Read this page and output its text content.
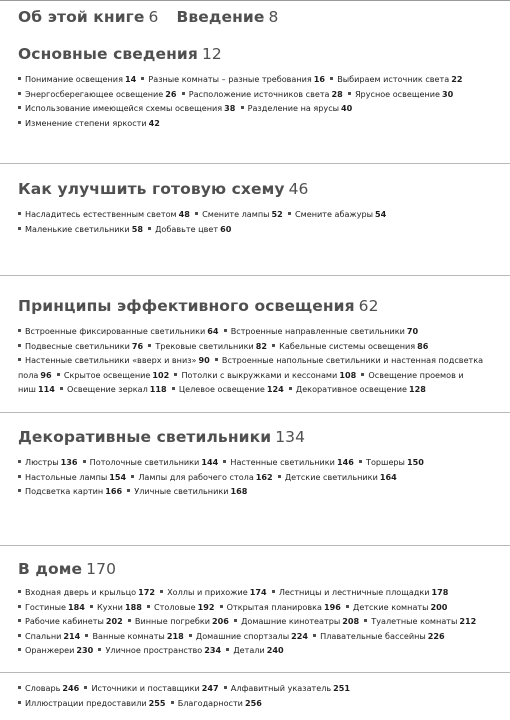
Об этой книге 6 Введение 8
Основные сведения 12
Понимание освещения 14 Разные комнаты – разные требования 16 Выбираем источник света 22
Энергосберегающее освещение 26 Расположение источников света 28 Ярусное освещение 30
Использование имеющейся схемы освещения 38 Разделение на ярусы 40 Изменение степени яркости 42
Как улучшить готовую схему 46
Насладитесь естественным светом 48 Смените лампы 52 Смените абажуры 54
Маленькие светильники 58 Добавьте цвет 60
Принципы эффективного освещения 62
Встроенные фиксированные светильники 64 Встроенные направленные светильники 70
Подвесные светильники 76 Трековые светильники 82 Кабельные системы освещения 86
Настенные светильники «вверх и вниз» 90 Встроенные напольные светильники и настенная подсветка пола 96 Скрытое освещение 102 Потолки с выкружками и кессонами 108 Освещение проемов и ниш 114 Освещение зеркал 118 Целевое освещение 124 Декоративное освещение 128
Декоративные светильники 134
Люстры 136 Потолочные светильники 144 Настенные светильники 146 Торшеры 150
Настольные лампы 154 Лампы для рабочего стола 162 Детские светильники 164
Подсветка картин 166 Уличные светильники 168
В доме 170
Входная дверь и крыльцо 172 Холлы и прихожие 174 Лестницы и лестничные площадки 178
Гостиные 184 Кухни 188 Столовые 192 Открытая планировка 196 Детские комнаты 200
Рабочие кабинеты 202 Винные погребки 206 Домашние кинотеатры 208 Туалетные комнаты 212
Спальни 214 Ванные комнаты 218 Домашние спортзалы 224 Плавательные бассейны 226
Оранжереи 230 Уличное пространство 234 Детали 240
Словарь 246 Источники и поставщики 247 Алфавитный указатель 251
Иллюстрации предоставили 255 Благодарности 256
